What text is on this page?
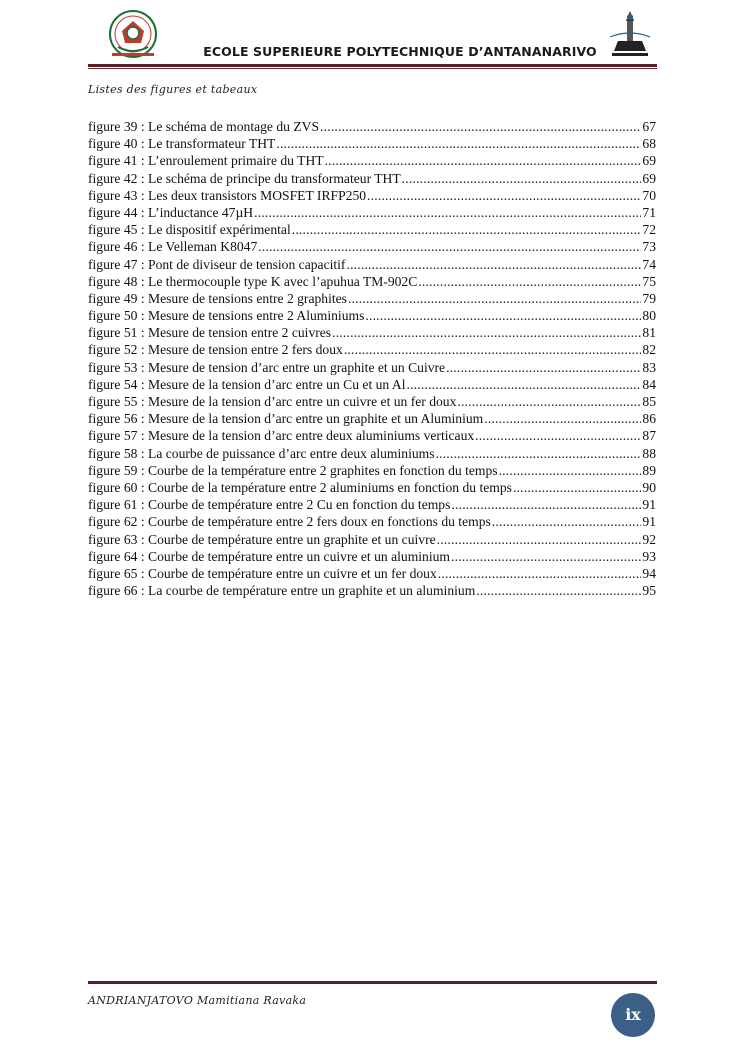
ECOLE SUPERIEURE POLYTECHNIQUE D’ANTANANARIVO
Listes des figures et tabeaux
figure 39 : Le schéma de montage du ZVS .....	67
figure 40 : Le transformateur THT .....	68
figure 41 : L’enroulement primaire du THT .....	69
figure 42 : Le schéma de principe du transformateur THT .....	69
figure 43 : Les deux transistors MOSFET IRFP250 .....	70
figure 44 : L’inductance 47µH .....	71
figure 45 : Le dispositif expérimental .....	72
figure 46 : Le Velleman K8047 .....	73
figure 47 : Pont de diviseur de tension capacitif .....	74
figure 48 : Le thermocouple type K avec l’apuhua TM-902C .....	75
figure 49 : Mesure de tensions entre 2 graphites .....	79
figure 50 : Mesure de tensions entre 2 Aluminiums .....	80
figure 51 : Mesure de tension entre 2 cuivres .....	81
figure 52 : Mesure de tension entre 2 fers doux .....	82
figure 53 : Mesure de tension d’arc entre un graphite et un Cuivre .....	83
figure 54 : Mesure de la tension d’arc entre un Cu et un Al .....	84
figure 55 : Mesure de la tension d’arc entre un cuivre et un fer doux .....	85
figure 56 : Mesure de la tension d’arc entre un graphite et un Aluminium .....	86
figure 57 : Mesure de la tension d’arc entre deux aluminiums verticaux .....	87
figure 58 : La courbe de puissance d’arc entre deux aluminiums .....	88
figure 59 : Courbe de la température entre 2 graphites en fonction du temps .....	89
figure 60 : Courbe de la température entre 2 aluminiums en fonction du temps .....	90
figure 61 : Courbe de température entre 2 Cu en fonction du temps .....	91
figure 62 : Courbe de température entre 2 fers doux en fonctions du temps .....	91
figure 63 : Courbe de température entre un graphite et un cuivre .....	92
figure 64 : Courbe de température entre un cuivre et un aluminium .....	93
figure 65 : Courbe de température entre un cuivre et un fer doux .....	94
figure 66 : La courbe de température entre un graphite et un aluminium .....	95
ANDRIANJATOVO Mamitiana Ravaka
ix
